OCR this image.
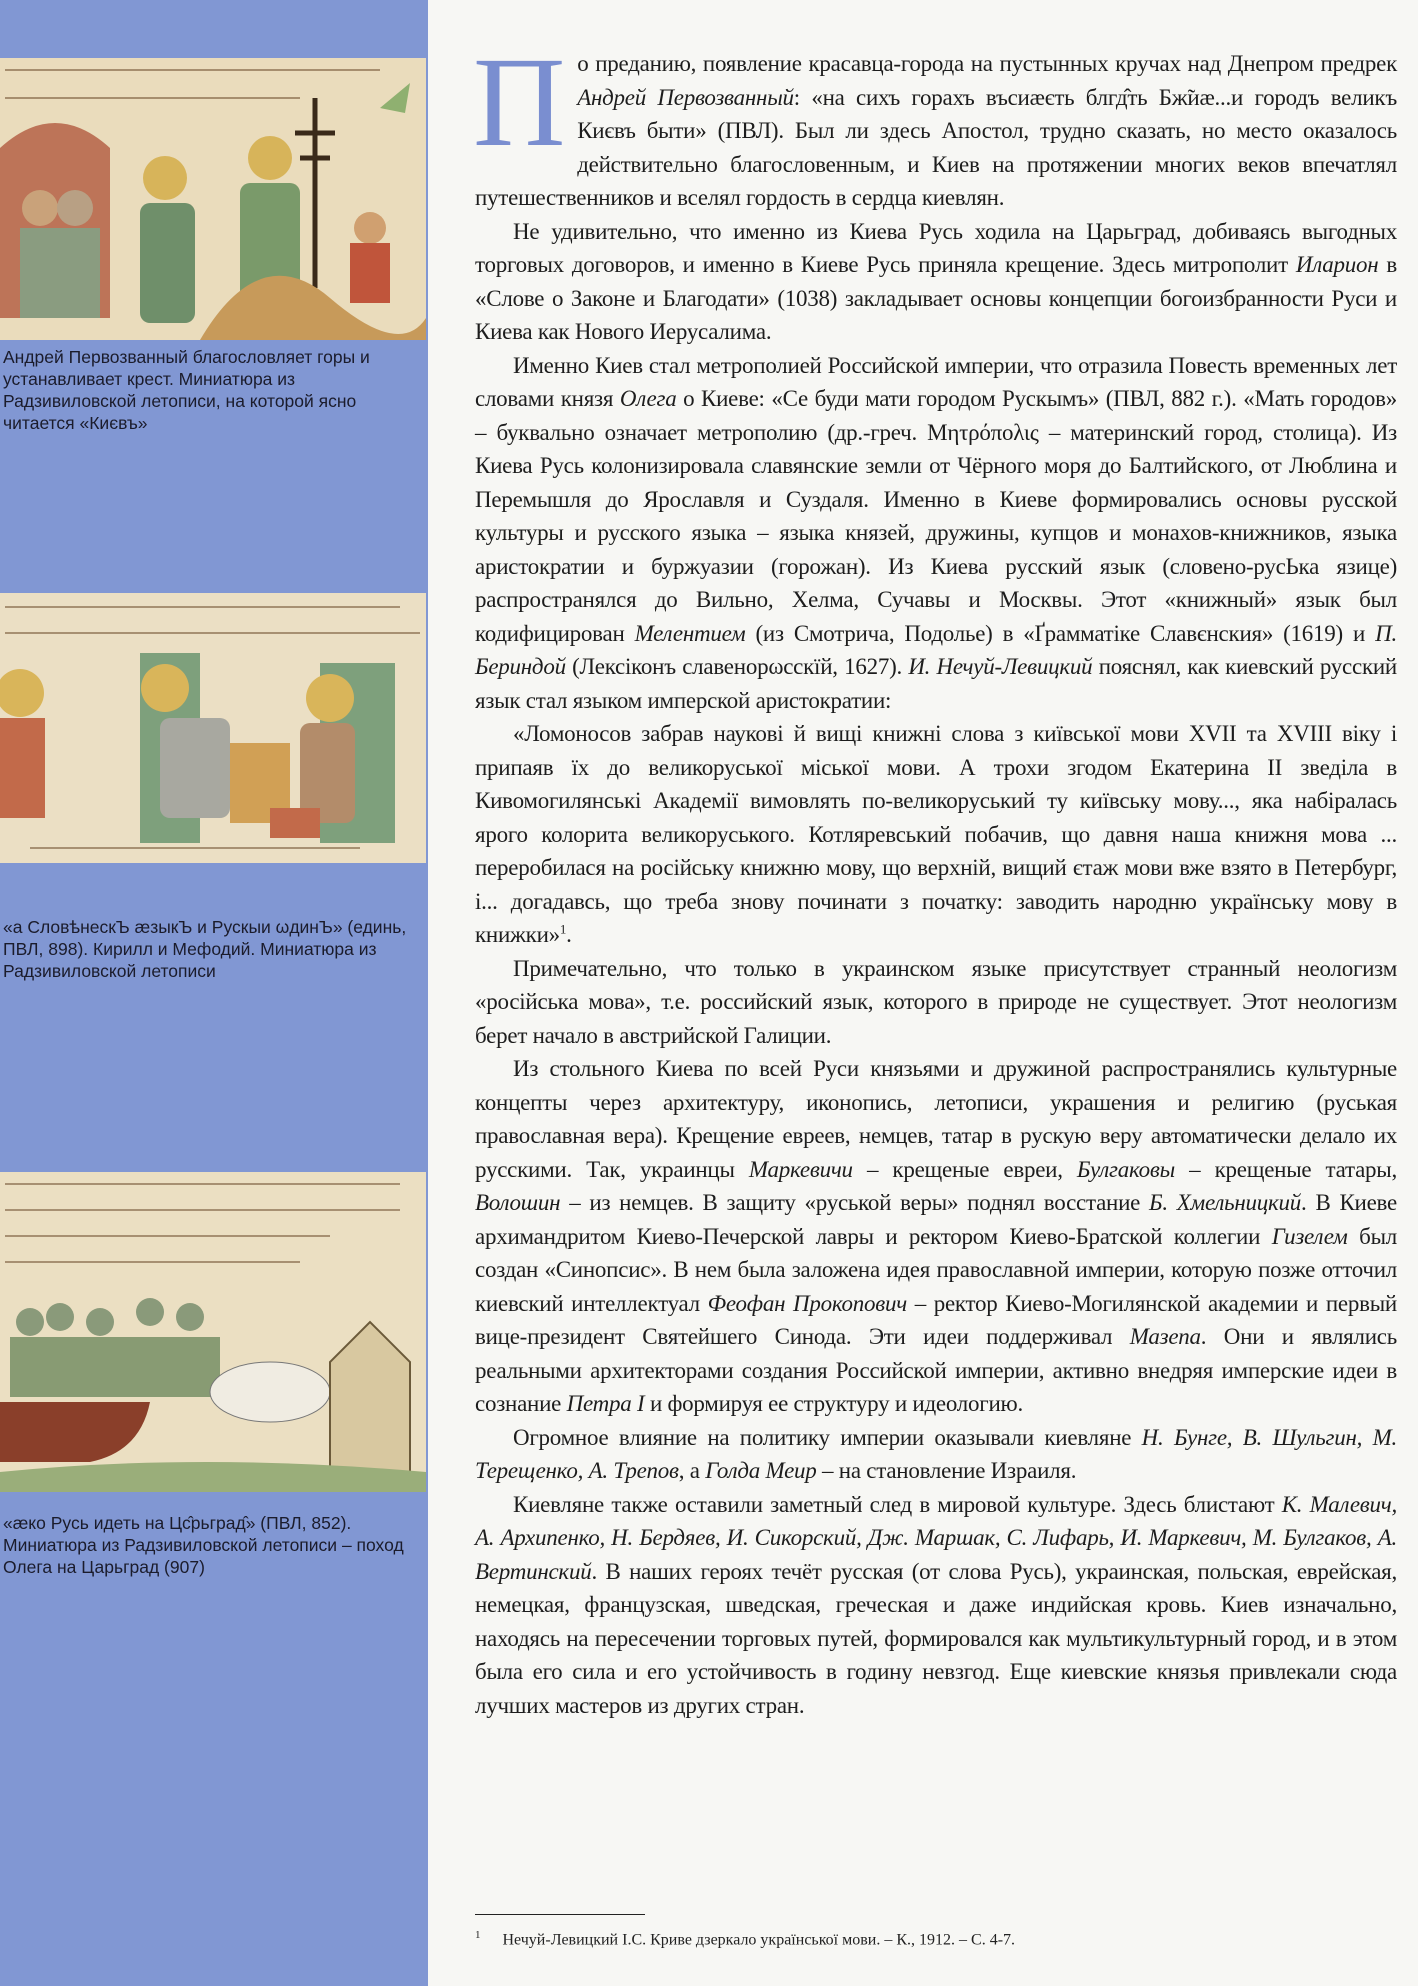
Андрей Первозванный благословляет горы и устанавливает крест. Миниатюра из Радзивиловской летописи, на которой ясно читается «Києвъ»
«а СловѣнескЪ æзыкЪ и Рускыи ωдинЪ» (единь, ПВЛ, 898). Кирилл и Мефодий. Миниатюра из Радзивиловской летописи
«æко Русь идеть на Цс̂рьград̂» (ПВЛ, 852). Миниатюра из Радзивиловской летописи – поход Олега на Царьград (907)

По преданию, появление красавца-города на пустынных кручах над Днепром предрек Андрей Первозванный: «на сихъ горахъ въсиæєть блгд̂ть Бж̃иæ...и городъ великъ Києвъ быти» (ПВЛ). Был ли здесь Апостол, трудно сказать, но место оказалось действительно благословенным, и Киев на протяжении многих веков впечатлял путешественников и вселял гордость в сердца киевлян.

Не удивительно, что именно из Киева Русь ходила на Царьград, добиваясь выгодных торговых договоров, и именно в Киеве Русь приняла крещение. Здесь митрополит Иларион в «Слове о Законе и Благодати» (1038) закладывает основы концепции богоизбранности Руси и Киева как Нового Иерусалима.

Именно Киев стал метрополией Российской империи, что отразила Повесть временных лет словами князя Олега о Киеве: «Се буди мати городом Рускымъ» (ПВЛ, 882 г.). «Мать городов» – буквально означает метрополию (др.-греч. Μητρόπολις – материнский город, столица). Из Киева Русь колонизировала славянские земли от Чёрного моря до Балтийского, от Люблина и Перемышля до Ярославля и Суздаля. Именно в Киеве формировались основы русской культуры и русского языка – языка князей, дружины, купцов и монахов-книжников, языка аристократии и буржуазии (горожан). Из Киева русский язык (словено-русЬка язице) распространялся до Вильно, Хелма, Сучавы и Москвы. Этот «книжный» язык был кодифицирован Мелентием (из Смотрича, Подолье) в «Ґрамматіке Славєнския» (1619) и П. Бериндой (Лексіконъ славенорωсскїй, 1627). И. Нечуй-Левицкий пояснял, как киевский русский язык стал языком имперской аристократии:

«Ломоносов забрав наукові й вищі книжні слова з київської мови XVII та XVIII віку і припаяв їх до великоруської міської мови. А трохи згодом Екатерина II зведіла в Кивомогилянськi Академії вимовлять по-великоруський ту київську мову..., яка набіралась ярого колорита великоруського. Котляревський побачив, що давня наша книжня мова ... переробилася на російську книжню мову, що верхній, вищий єтаж мови вже взято в Петербург, і... догадавсь, що треба знову починати з початку: заводить народню українську мову в книжки»$^1$.

Примечательно, что только в украинском языке присутствует странный неологизм «російська мова», т.е. российский язык, которого в природе не существует. Этот неологизм берет начало в австрийской Галиции.

Из стольного Киева по всей Руси князьями и дружиной распространялись культурные концепты через архитектуру, иконопись, летописи, украшения и религию (руськая православная вера). Крещение евреев, немцев, татар в рускую веру автоматически делало их русскими. Так, украинцы Маркевичи – крещеные евреи, Булгаковы – крещеные татары, Волошин – из немцев. В защиту «руськой веры» поднял восстание Б. Хмельницкий. В Киеве архимандритом Киево-Печерской лавры и ректором Киево-Братской коллегии Гизелем был создан «Синопсис». В нем была заложена идея православной империи, которую позже отточил киевский интеллектуал Феофан Прокопович – ректор Киево-Могилянской академии и первый вице-президент Святейшего Синода. Эти идеи поддерживал Мазепа. Они и являлись реальными архитекторами создания Российской империи, активно внедряя имперские идеи в сознание Петра I и формируя ее структуру и идеологию.

Огромное влияние на политику империи оказывали киевляне Н. Бунге, В. Шульгин, М. Терещенко, А. Трепов, а Голда Меир – на становление Израиля.

Киевляне также оставили заметный след в мировой культуре. Здесь блистают К. Малевич, А. Архипенко, Н. Бердяев, И. Сикорский, Дж. Маршак, С. Лифарь, И. Маркевич, М. Булгаков, А. Вертинский. В наших героях течёт русская (от слова Русь), украинская, польская, еврейская, немецкая, французская, шведская, греческая и даже индийская кровь. Киев изначально, находясь на пересечении торговых путей, формировался как мультикультурный город, и в этом была его сила и его устойчивость в годину невзгод. Еще киевские князья привлекали сюда лучших мастеров из других стран.

$^1$ Нечуй-Левицкий І.С. Криве дзеркало української мови. – К., 1912. – С. 4-7.
